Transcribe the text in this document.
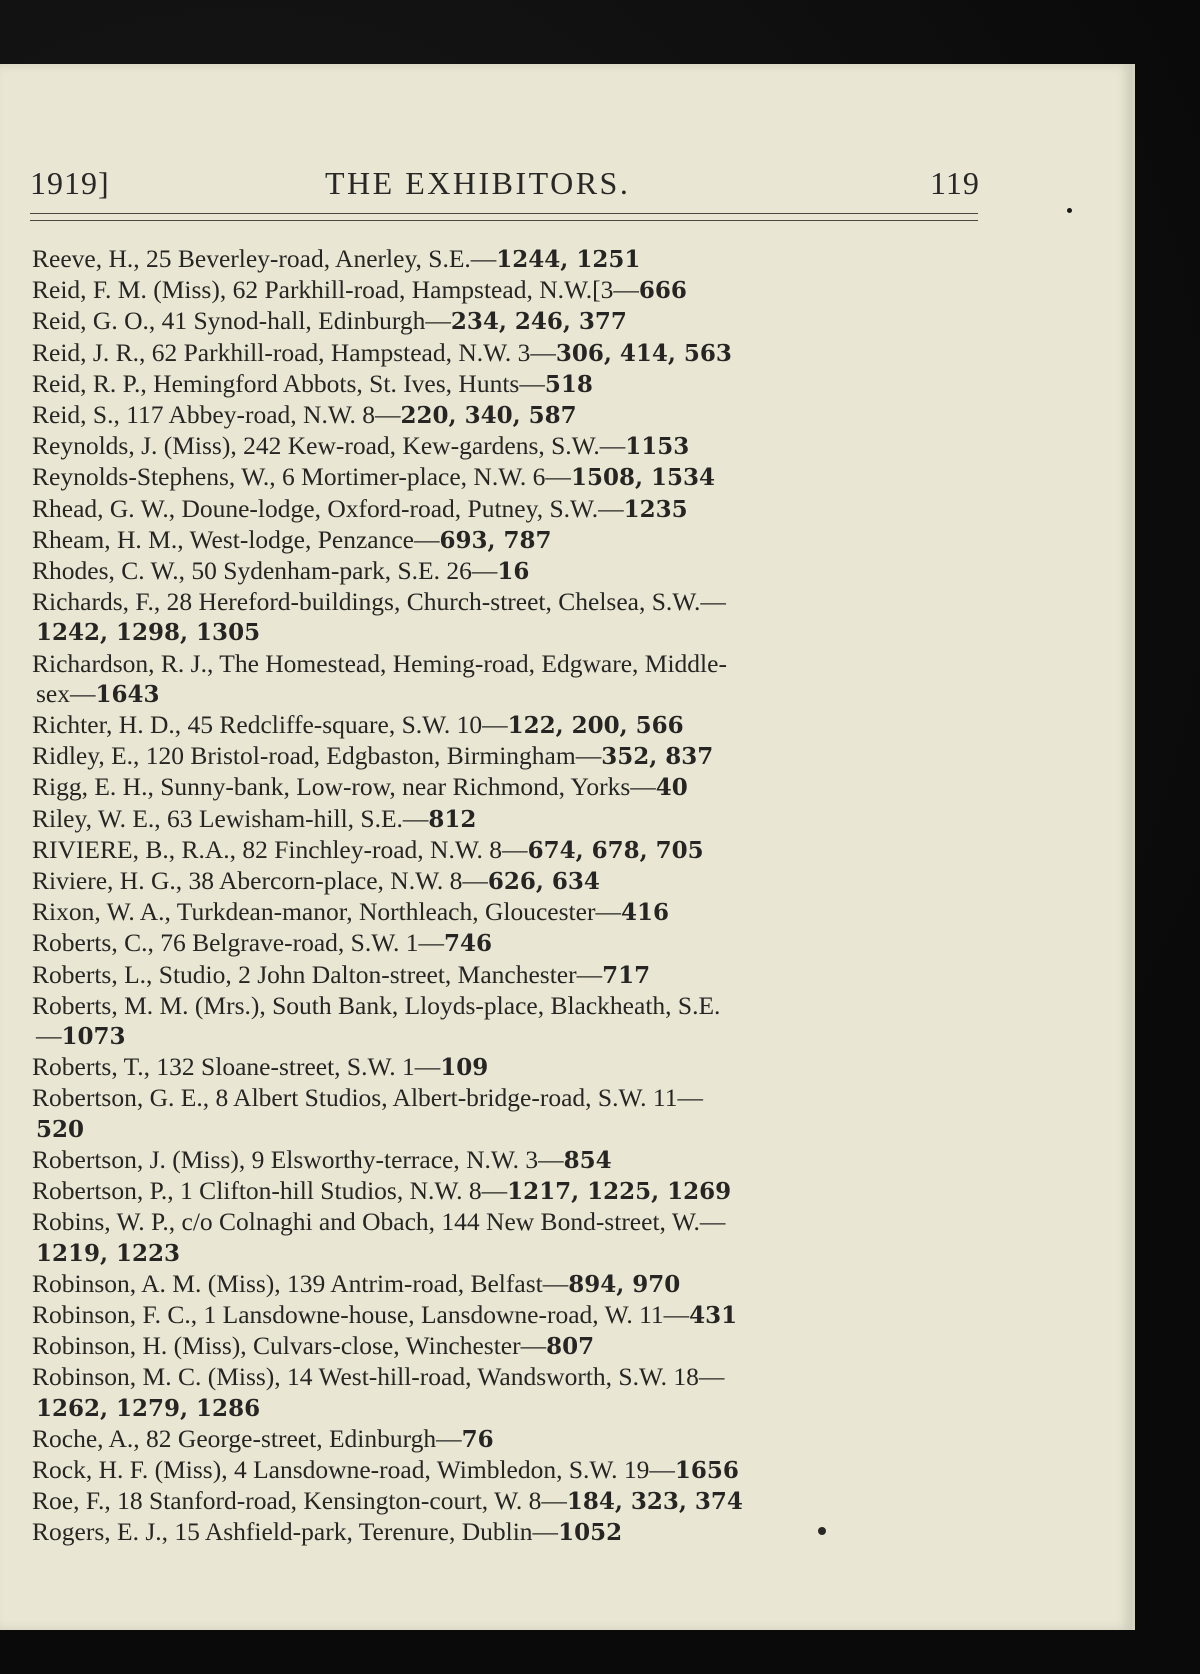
1919]	THE EXHIBITORS.	119
Reeve, H., 25 Beverley-road, Anerley, S.E.—1244, 1251
Reid, F. M. (Miss), 62 Parkhill-road, Hampstead, N.W.[3—666
Reid, G. O., 41 Synod-hall, Edinburgh—234, 246, 377
Reid, J. R., 62 Parkhill-road, Hampstead, N.W. 3—306, 414, 563
Reid, R. P., Hemingford Abbots, St. Ives, Hunts—518
Reid, S., 117 Abbey-road, N.W. 8—220, 340, 587
Reynolds, J. (Miss), 242 Kew-road, Kew-gardens, S.W.—1153
Reynolds-Stephens, W., 6 Mortimer-place, N.W. 6—1508, 1534
Rhead, G. W., Doune-lodge, Oxford-road, Putney, S.W.—1235
Rheam, H. M., West-lodge, Penzance—693, 787
Rhodes, C. W., 50 Sydenham-park, S.E. 26—16
Richards, F., 28 Hereford-buildings, Church-street, Chelsea, S.W.—
1242, 1298, 1305
Richardson, R. J., The Homestead, Heming-road, Edgware, Middle-
sex—1643
Richter, H. D., 45 Redcliffe-square, S.W. 10—122, 200, 566
Ridley, E., 120 Bristol-road, Edgbaston, Birmingham—352, 837
Rigg, E. H., Sunny-bank, Low-row, near Richmond, Yorks—40
Riley, W. E., 63 Lewisham-hill, S.E.—812
RIVIERE, B., R.A., 82 Finchley-road, N.W. 8—674, 678, 705
Riviere, H. G., 38 Abercorn-place, N.W. 8—626, 634
Rixon, W. A., Turkdean-manor, Northleach, Gloucester—416
Roberts, C., 76 Belgrave-road, S.W. 1—746
Roberts, L., Studio, 2 John Dalton-street, Manchester—717
Roberts, M. M. (Mrs.), South Bank, Lloyds-place, Blackheath, S.E.
—1073
Roberts, T., 132 Sloane-street, S.W. 1—109
Robertson, G. E., 8 Albert Studios, Albert-bridge-road, S.W. 11—
520
Robertson, J. (Miss), 9 Elsworthy-terrace, N.W. 3—854
Robertson, P., 1 Clifton-hill Studios, N.W. 8—1217, 1225, 1269
Robins, W. P., c/o Colnaghi and Obach, 144 New Bond-street, W.—
1219, 1223
Robinson, A. M. (Miss), 139 Antrim-road, Belfast—894, 970
Robinson, F. C., 1 Lansdowne-house, Lansdowne-road, W. 11—431
Robinson, H. (Miss), Culvars-close, Winchester—807
Robinson, M. C. (Miss), 14 West-hill-road, Wandsworth, S.W. 18—
1262, 1279, 1286
Roche, A., 82 George-street, Edinburgh—76
Rock, H. F. (Miss), 4 Lansdowne-road, Wimbledon, S.W. 19—1656
Roe, F., 18 Stanford-road, Kensington-court, W. 8—184, 323, 374
Rogers, E. J., 15 Ashfield-park, Terenure, Dublin—1052
